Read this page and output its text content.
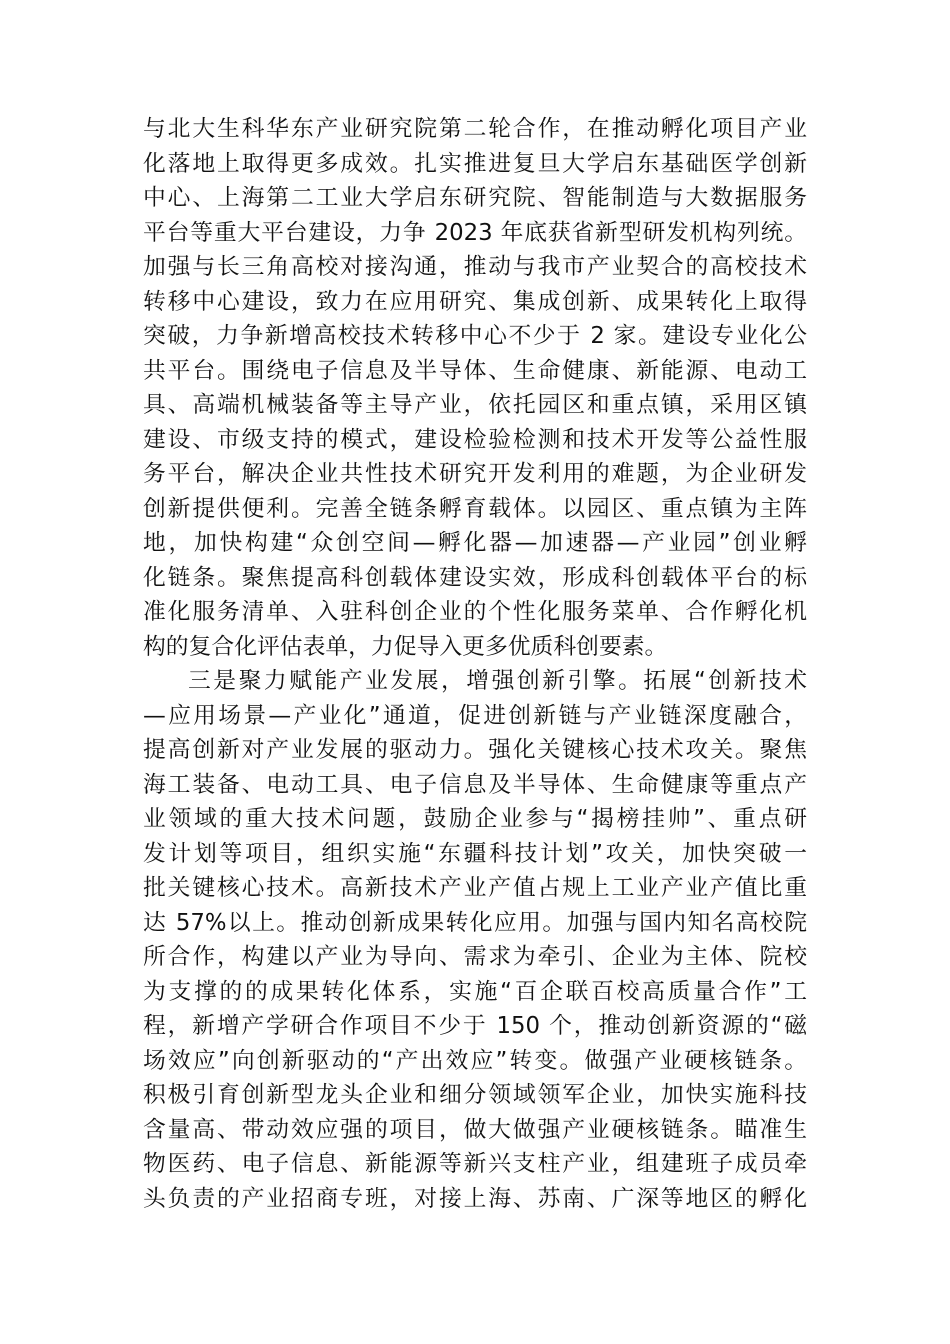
与北大生科华东产业研究院第二轮合作，在推动孵化项目产业
化落地上取得更多成效。扎实推进复旦大学启东基础医学创新
中心、上海第二工业大学启东研究院、智能制造与大数据服务
平台等重大平台建设，力争 2023 年底获省新型研发机构列统。
加强与长三角高校对接沟通，推动与我市产业契合的高校技术
转移中心建设，致力在应用研究、集成创新、成果转化上取得
突破，力争新增高校技术转移中心不少于 2 家。建设专业化公
共平台。围绕电子信息及半导体、生命健康、新能源、电动工
具、高端机械装备等主导产业，依托园区和重点镇，采用区镇
建设、市级支持的模式，建设检验检测和技术开发等公益性服
务平台，解决企业共性技术研究开发利用的难题，为企业研发
创新提供便利。完善全链条孵育载体。以园区、重点镇为主阵
地，加快构建“众创空间—孵化器—加速器—产业园”创业孵
化链条。聚焦提高科创载体建设实效，形成科创载体平台的标
准化服务清单、入驻科创企业的个性化服务菜单、合作孵化机
构的复合化评估表单，力促导入更多优质科创要素。
三是聚力赋能产业发展，增强创新引擎。拓展“创新技术
—应用场景—产业化”通道，促进创新链与产业链深度融合，
提高创新对产业发展的驱动力。强化关键核心技术攻关。聚焦
海工装备、电动工具、电子信息及半导体、生命健康等重点产
业领域的重大技术问题，鼓励企业参与“揭榜挂帅”、重点研
发计划等项目，组织实施“东疆科技计划”攻关，加快突破一
批关键核心技术。高新技术产业产值占规上工业产业产值比重
达 57%以上。推动创新成果转化应用。加强与国内知名高校院
所合作，构建以产业为导向、需求为牵引、企业为主体、院校
为支撑的的成果转化体系，实施“百企联百校高质量合作”工
程，新增产学研合作项目不少于 150 个，推动创新资源的“磁
场效应”向创新驱动的“产出效应”转变。做强产业硬核链条。
积极引育创新型龙头企业和细分领域领军企业，加快实施科技
含量高、带动效应强的项目，做大做强产业硬核链条。瞄准生
物医药、电子信息、新能源等新兴支柱产业，组建班子成员牵
头负责的产业招商专班，对接上海、苏南、广深等地区的孵化
